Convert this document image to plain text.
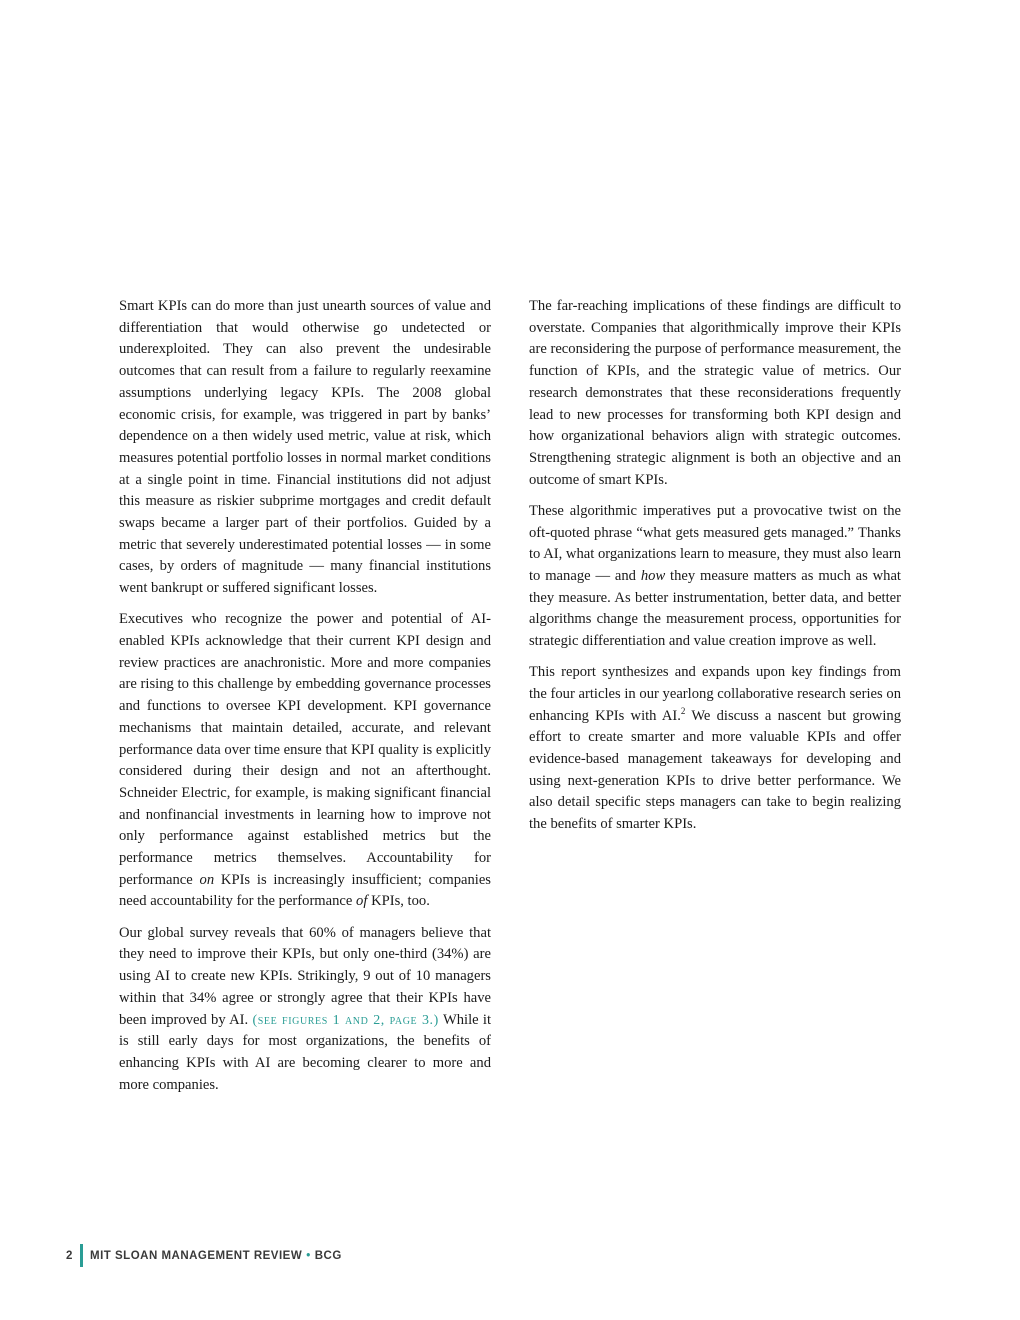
Smart KPIs can do more than just unearth sources of value and differentiation that would otherwise go undetected or underexploited. They can also prevent the undesirable outcomes that can result from a failure to regularly reexamine assumptions underlying legacy KPIs. The 2008 global economic crisis, for example, was triggered in part by banks’ dependence on a then widely used metric, value at risk, which measures potential portfolio losses in normal market conditions at a single point in time. Financial institutions did not adjust this measure as riskier subprime mortgages and credit default swaps became a larger part of their portfolios. Guided by a metric that severely underestimated potential losses — in some cases, by orders of magnitude — many financial institutions went bankrupt or suffered significant losses.

Executives who recognize the power and potential of AI-enabled KPIs acknowledge that their current KPI design and review practices are anachronistic. More and more companies are rising to this challenge by embedding governance processes and functions to oversee KPI development. KPI governance mechanisms that maintain detailed, accurate, and relevant performance data over time ensure that KPI quality is explicitly considered during their design and not an afterthought. Schneider Electric, for example, is making significant financial and nonfinancial investments in learning how to improve not only performance against established metrics but the performance metrics themselves. Accountability for performance on KPIs is increasingly insufficient; companies need accountability for the performance of KPIs, too.

Our global survey reveals that 60% of managers believe that they need to improve their KPIs, but only one-third (34%) are using AI to create new KPIs. Strikingly, 9 out of 10 managers within that 34% agree or strongly agree that their KPIs have been improved by AI. (see figures 1 and 2, page 3.) While it is still early days for most organizations, the benefits of enhancing KPIs with AI are becoming clearer to more and more companies.

The far-reaching implications of these findings are difficult to overstate. Companies that algorithmically improve their KPIs are reconsidering the purpose of performance measurement, the function of KPIs, and the strategic value of metrics. Our research demonstrates that these reconsiderations frequently lead to new processes for transforming both KPI design and how organizational behaviors align with strategic outcomes. Strengthening strategic alignment is both an objective and an outcome of smart KPIs.

These algorithmic imperatives put a provocative twist on the oft-quoted phrase “what gets measured gets managed.” Thanks to AI, what organizations learn to measure, they must also learn to manage — and how they measure matters as much as what they measure. As better instrumentation, better data, and better algorithms change the measurement process, opportunities for strategic differentiation and value creation improve as well.

This report synthesizes and expands upon key findings from the four articles in our yearlong collaborative research series on enhancing KPIs with AI.$^2$ We discuss a nascent but growing effort to create smarter and more valuable KPIs and offer evidence-based management takeaways for developing and using next-generation KPIs to drive better performance. We also detail specific steps managers can take to begin realizing the benefits of smarter KPIs.

2	MIT SLOAN MANAGEMENT REVIEW • BCG
